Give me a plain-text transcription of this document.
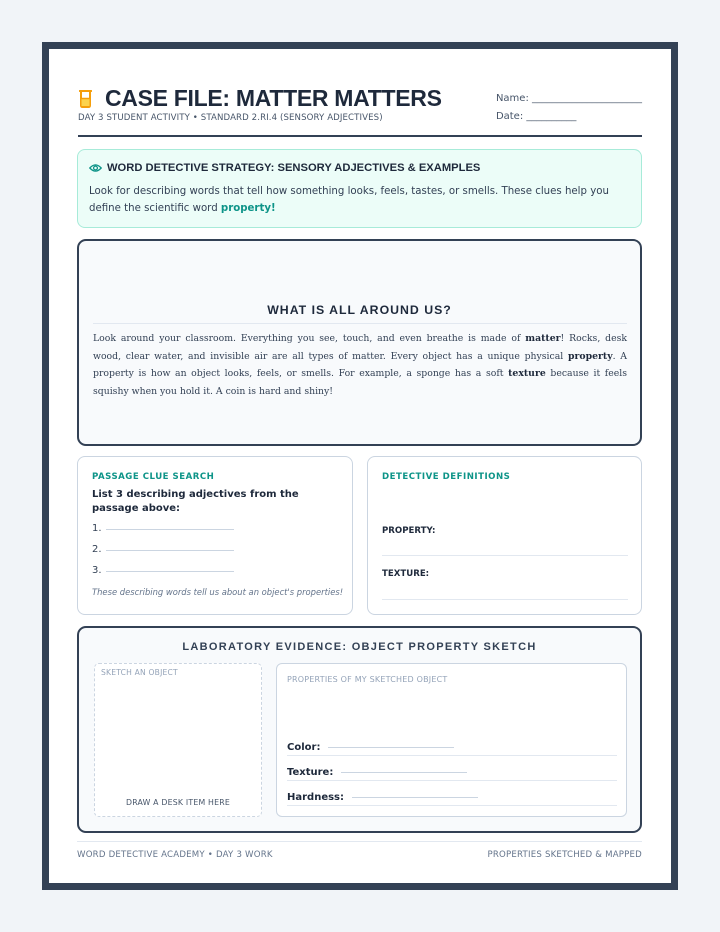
CASE FILE: MATTER MATTERS
DAY 3 STUDENT ACTIVITY • STANDARD 2.RI.4 (SENSORY ADJECTIVES)
Name: ______________________
Date: __________
WORD DETECTIVE STRATEGY: SENSORY ADJECTIVES & EXAMPLES
Look for describing words that tell how something looks, feels, tastes, or smells. These clues help you define the scientific word property!
WHAT IS ALL AROUND US?
Look around your classroom. Everything you see, touch, and even breathe is made of matter! Rocks, desk wood, clear water, and invisible air are all types of matter. Every object has a unique physical property. A property is how an object looks, feels, or smells. For example, a sponge has a soft texture because it feels squishy when you hold it. A coin is hard and shiny!
PASSAGE CLUE SEARCH
List 3 describing adjectives from the passage above:
1.
2.
3.
These describing words tell us about an object's properties!
DETECTIVE DEFINITIONS
PROPERTY:
TEXTURE:
LABORATORY EVIDENCE: OBJECT PROPERTY SKETCH
SKETCH AN OBJECT
DRAW A DESK ITEM HERE
PROPERTIES OF MY SKETCHED OBJECT
Color:
Texture:
Hardness:
WORD DETECTIVE ACADEMY • DAY 3 WORK	PROPERTIES SKETCHED & MAPPED
